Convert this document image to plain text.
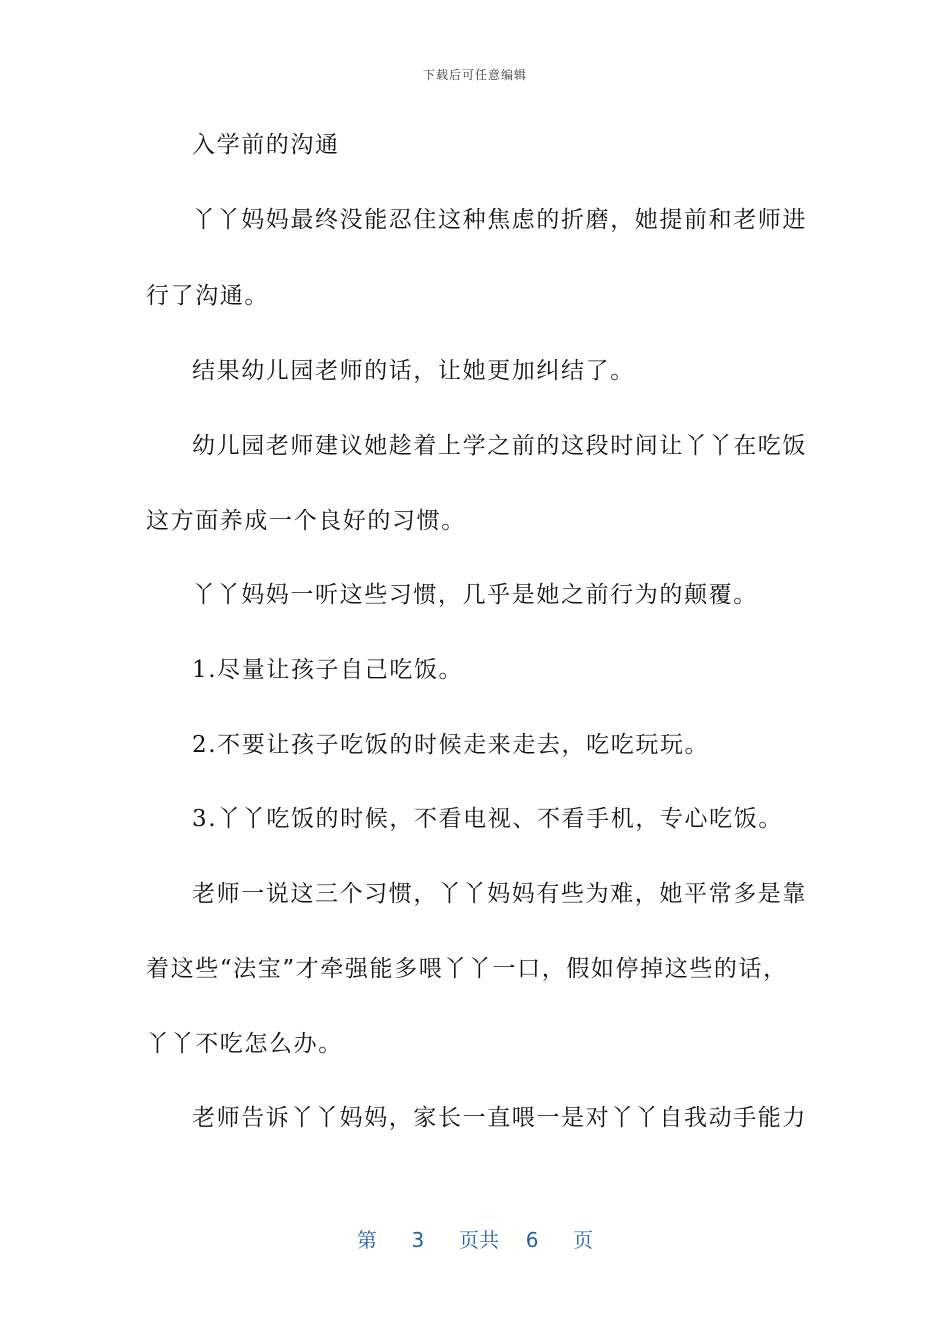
下载后可任意编辑
入学前的沟通
丫丫妈妈最终没能忍住这种焦虑的折磨，她提前和老师进
行了沟通。
结果幼儿园老师的话，让她更加纠结了。
幼儿园老师建议她趁着上学之前的这段时间让丫丫在吃饭
这方面养成一个良好的习惯。
丫丫妈妈一听这些习惯，几乎是她之前行为的颠覆。
1.尽量让孩子自己吃饭。
2.不要让孩子吃饭的时候走来走去，吃吃玩玩。
3.丫丫吃饭的时候，不看电视、不看手机，专心吃饭。
老师一说这三个习惯，丫丫妈妈有些为难，她平常多是靠
着这些“法宝”才牵强能多喂丫丫一口，假如停掉这些的话，
丫丫不吃怎么办。
老师告诉丫丫妈妈，家长一直喂一是对丫丫自我动手能力
第 3 页共 6 页
